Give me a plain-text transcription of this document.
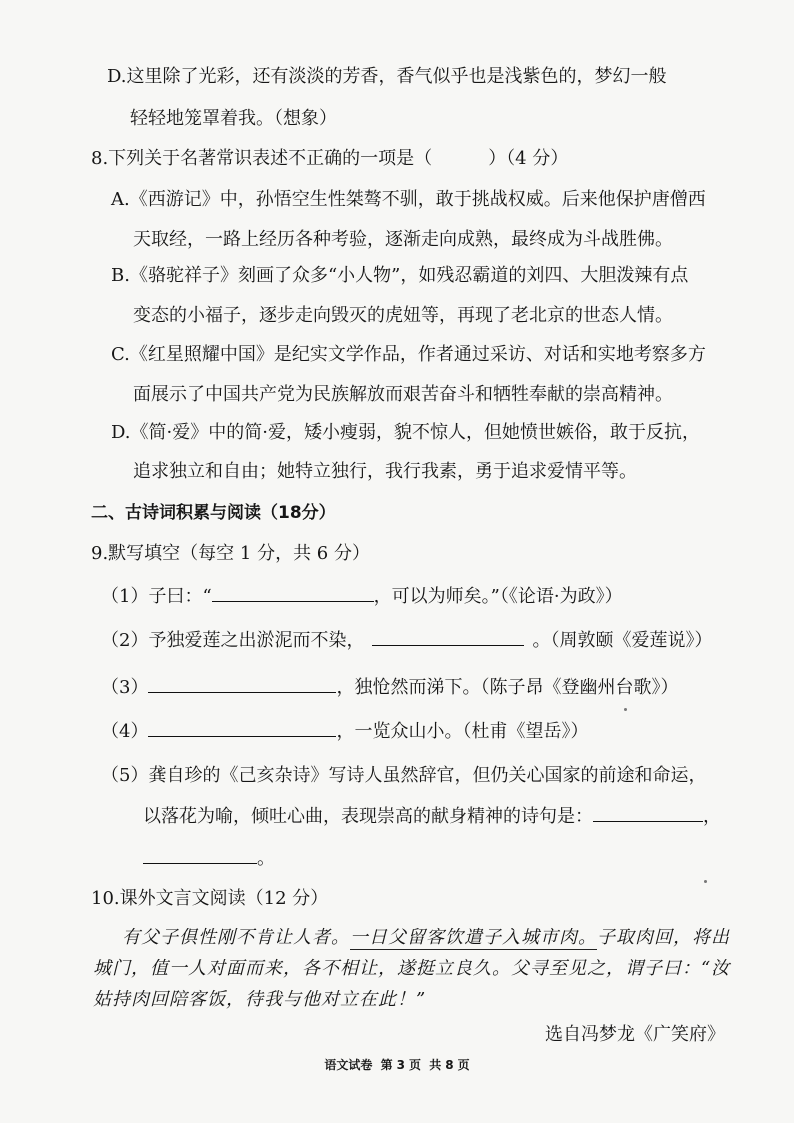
D.这里除了光彩，还有淡淡的芳香，香气似乎也是浅紫色的，梦幻一般
轻轻地笼罩着我。（想象）
8.下列关于名著常识表述不正确的一项是（	）（4 分）
A.《西游记》中，孙悟空生性桀骜不驯，敢于挑战权威。后来他保护唐僧西
天取经，一路上经历各种考验，逐渐走向成熟，最终成为斗战胜佛。
B.《骆驼祥子》刻画了众多“小人物”，如残忍霸道的刘四、大胆泼辣有点
变态的小福子，逐步走向毁灭的虎妞等，再现了老北京的世态人情。
C.《红星照耀中国》是纪实文学作品，作者通过采访、对话和实地考察多方
面展示了中国共产党为民族解放而艰苦奋斗和牺牲奉献的崇高精神。
D.《简·爱》中的简·爱，矮小瘦弱，貌不惊人，但她愤世嫉俗，敢于反抗，
追求独立和自由；她特立独行，我行我素，勇于追求爱情平等。
二、古诗词积累与阅读（18分）
9.默写填空（每空 1 分，共 6 分）
（1）子曰：“	，可以为师矣。”（《论语·为政》）
（2）予独爱莲之出淤泥而不染，	。（周敦颐《爱莲说》）
（3）	，独怆然而涕下。（陈子昂《登幽州台歌》）
（4）	，一览众山小。（杜甫《望岳》）
（5）龚自珍的《己亥杂诗》写诗人虽然辞官，但仍关心国家的前途和命运，
以落花为喻，倾吐心曲，表现崇高的献身精神的诗句是：	，
。
10.课外文言文阅读（12 分）
有父子俱性刚不肯让人者。一日父留客饮遣子入城市肉。子取肉回，将出
城门，值一人对面而来，各不相让，遂挺立良久。父寻至见之，谓子曰：“汝
姑持肉回陪客饭，待我与他对立在此！”
选自冯梦龙《广笑府》
语文试卷 第 3 页 共 8 页
